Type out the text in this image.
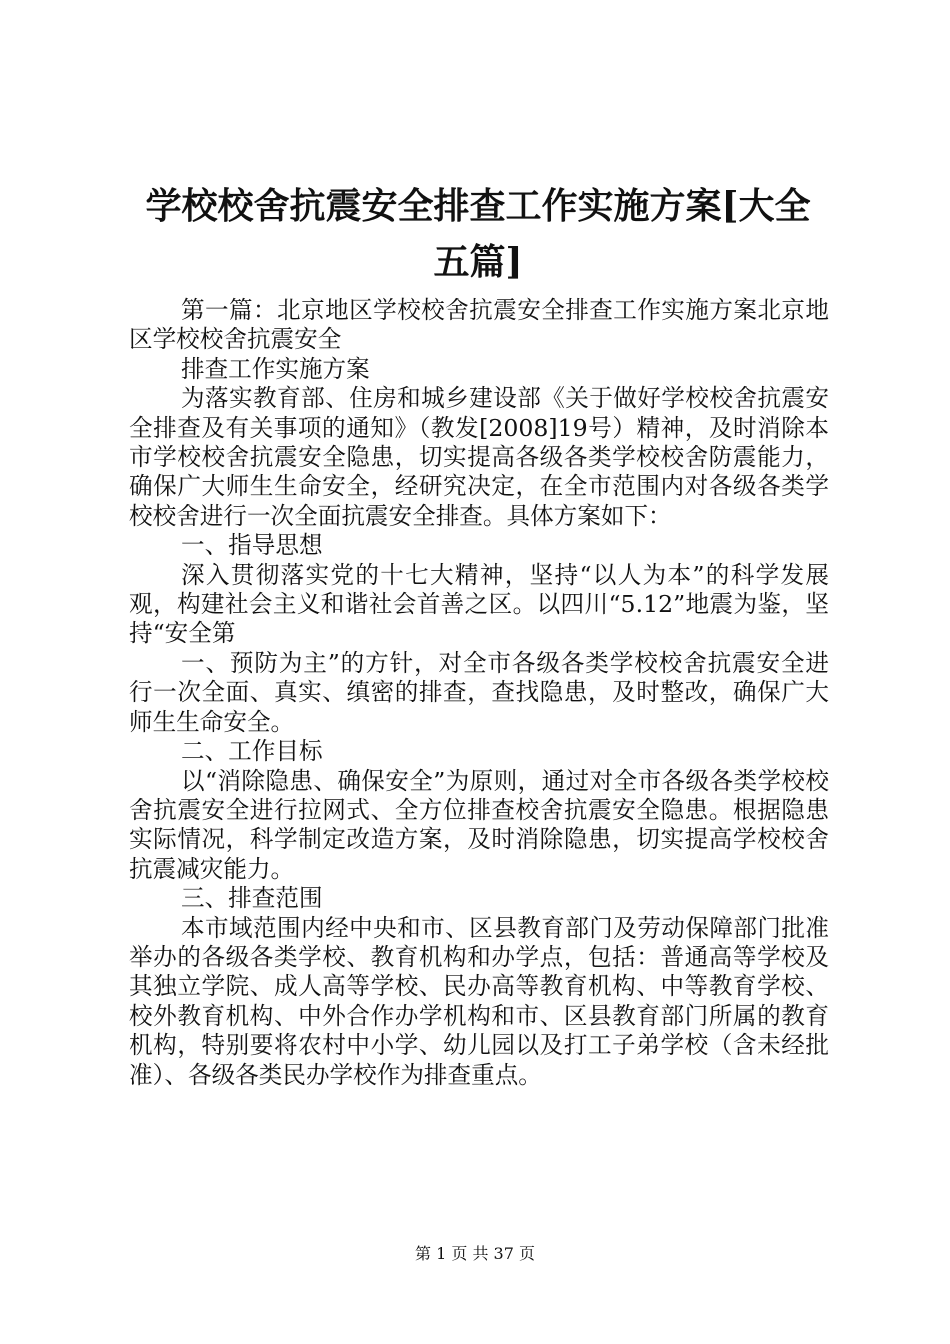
学校校舍抗震安全排查工作实施方案[大全五篇]

第一篇：北京地区学校校舍抗震安全排查工作实施方案北京地区学校校舍抗震安全

排查工作实施方案

为落实教育部、住房和城乡建设部《关于做好学校校舍抗震安全排查及有关事项的通知》（教发[2008]19号）精神，及时消除本市学校校舍抗震安全隐患，切实提高各级各类学校校舍防震能力，确保广大师生生命安全，经研究决定，在全市范围内对各级各类学校校舍进行一次全面抗震安全排查。具体方案如下：

一、指导思想

深入贯彻落实党的十七大精神，坚持“以人为本”的科学发展观，构建社会主义和谐社会首善之区。以四川“5.12”地震为鉴，坚持“安全第

一、预防为主”的方针，对全市各级各类学校校舍抗震安全进行一次全面、真实、缜密的排查，查找隐患，及时整改，确保广大师生生命安全。

二、工作目标

以“消除隐患、确保安全”为原则，通过对全市各级各类学校校舍抗震安全进行拉网式、全方位排查校舍抗震安全隐患。根据隐患实际情况，科学制定改造方案，及时消除隐患，切实提高学校校舍抗震减灾能力。

三、排查范围

本市域范围内经中央和市、区县教育部门及劳动保障部门批准举办的各级各类学校、教育机构和办学点，包括：普通高等学校及其独立学院、成人高等学校、民办高等教育机构、中等教育学校、校外教育机构、中外合作办学机构和市、区县教育部门所属的教育机构，特别要将农村中小学、幼儿园以及打工子弟学校（含未经批准）、各级各类民办学校作为排查重点。

第 1 页 共 37 页
